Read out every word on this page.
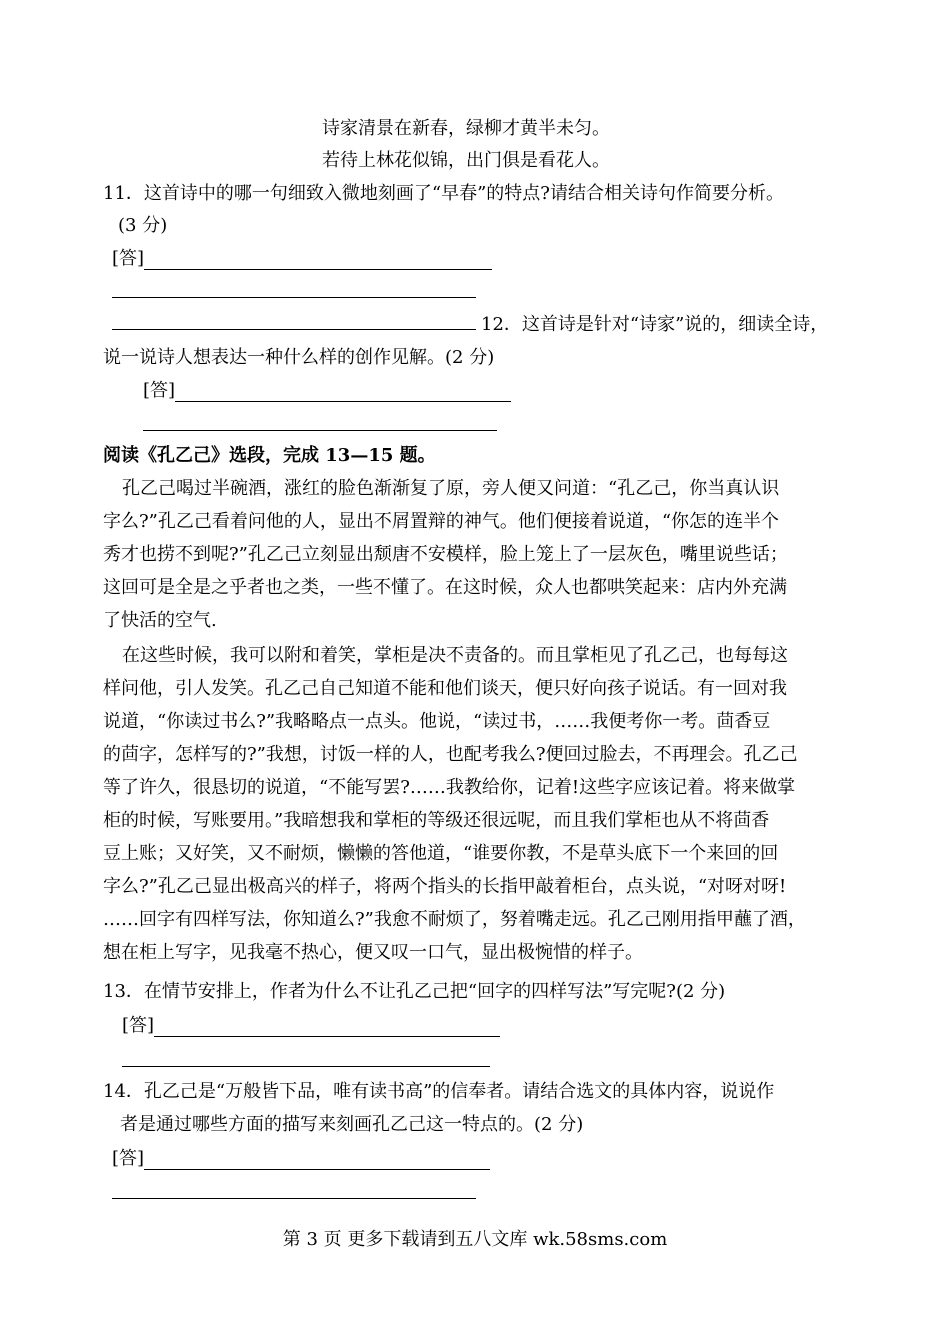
诗家清景在新春，绿柳才黄半未匀。
若待上林花似锦，出门俱是看花人。
11．这首诗中的哪一句细致入微地刻画了“早春”的特点?请结合相关诗句作简要分析。
(3 分)
[答]
12．这首诗是针对“诗家”说的，细读全诗，
说一说诗人想表达一种什么样的创作见解。(2 分)
[答]
阅读《孔乙己》选段，完成 13—15 题。
孔乙己喝过半碗酒，涨红的脸色渐渐复了原，旁人便又问道：“孔乙己，你当真认识
字么?”孔乙己看着问他的人，显出不屑置辩的神气。他们便接着说道，“你怎的连半个
秀才也捞不到呢?”孔乙己立刻显出颓唐不安模样，脸上笼上了一层灰色，嘴里说些话；
这回可是全是之乎者也之类，一些不懂了。在这时候，众人也都哄笑起来：店内外充满
了快活的空气.
在这些时候，我可以附和着笑，掌柜是决不责备的。而且掌柜见了孔乙己，也每每这
样问他，引人发笑。孔乙己自己知道不能和他们谈天，便只好向孩子说话。有一回对我
说道，“你读过书么?”我略略点一点头。他说，“读过书，……我便考你一考。茴香豆
的茴字，怎样写的?”我想，讨饭一样的人，也配考我么?便回过脸去，不再理会。孔乙己
等了许久，很恳切的说道，“不能写罢?……我教给你，记着!这些字应该记着。将来做掌
柜的时候，写账要用。”我暗想我和掌柜的等级还很远呢，而且我们掌柜也从不将茴香
豆上账；又好笑，又不耐烦，懒懒的答他道，“谁要你教，不是草头底下一个来回的回
字么?”孔乙己显出极高兴的样子，将两个指头的长指甲敲着柜台，点头说，“对呀对呀!
……回字有四样写法，你知道么?”我愈不耐烦了，努着嘴走远。孔乙己刚用指甲蘸了酒，
想在柜上写字，见我毫不热心，便又叹一口气，显出极惋惜的样子。
13．在情节安排上，作者为什么不让孔乙己把“回字的四样写法”写完呢?(2 分)
[答]
14．孔乙己是“万般皆下品，唯有读书高”的信奉者。请结合选文的具体内容，说说作
者是通过哪些方面的描写来刻画孔乙己这一特点的。(2 分)
[答]
第 3 页 更多下载请到五八文库 wk.58sms.com
